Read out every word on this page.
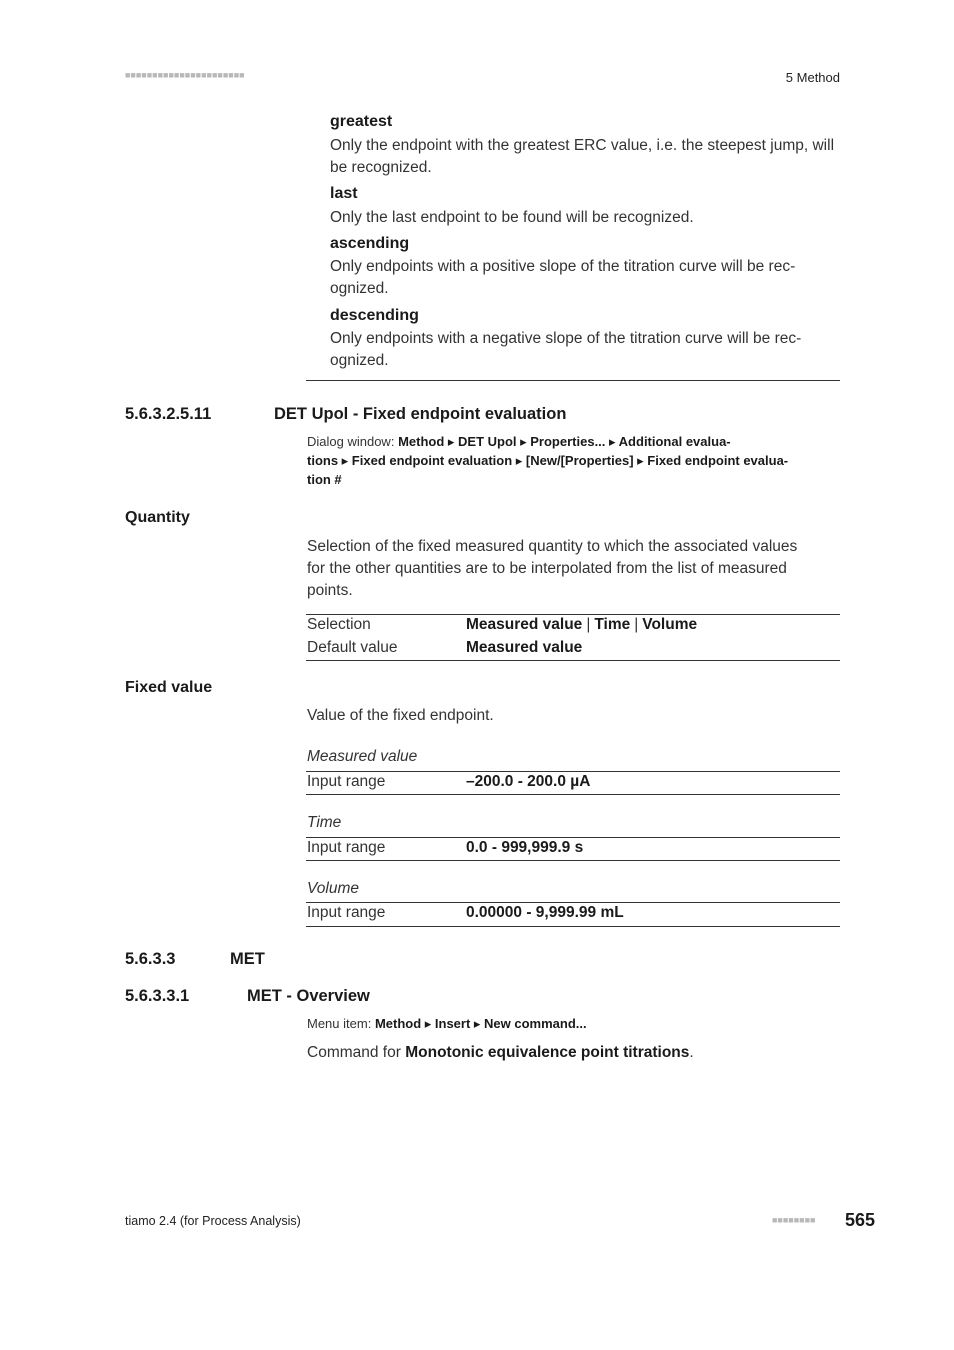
■■■■■■■■■■■■■■■■■■■■■■	5 Method
greatest
Only the endpoint with the greatest ERC value, i.e. the steepest jump, will be recognized.
last
Only the last endpoint to be found will be recognized.
ascending
Only endpoints with a positive slope of the titration curve will be rec-ognized.
descending
Only endpoints with a negative slope of the titration curve will be rec-ognized.
5.6.3.2.5.11	DET Upol - Fixed endpoint evaluation
Dialog window: Method ▸ DET Upol ▸ Properties... ▸ Additional evalua-
tions ▸ Fixed endpoint evaluation ▸ [New/[Properties] ▸ Fixed endpoint evalua-
tion #
Quantity
Selection of the fixed measured quantity to which the associated values
for the other quantities are to be interpolated from the list of measured
points.
Selection	Measured value | Time | Volume
Default value	Measured value
Fixed value
Value of the fixed endpoint.
Measured value
Input range	–200.0 - 200.0 µA
Time
Input range	0.0 - 999,999.9 s
Volume
Input range	0.00000 - 9,999.99 mL
5.6.3.3	MET
5.6.3.3.1	MET - Overview
Menu item: Method ▸ Insert ▸ New command...
Command for Monotonic equivalence point titrations.
tiamo 2.4 (for Process Analysis)	■■■■■■■■ 565
